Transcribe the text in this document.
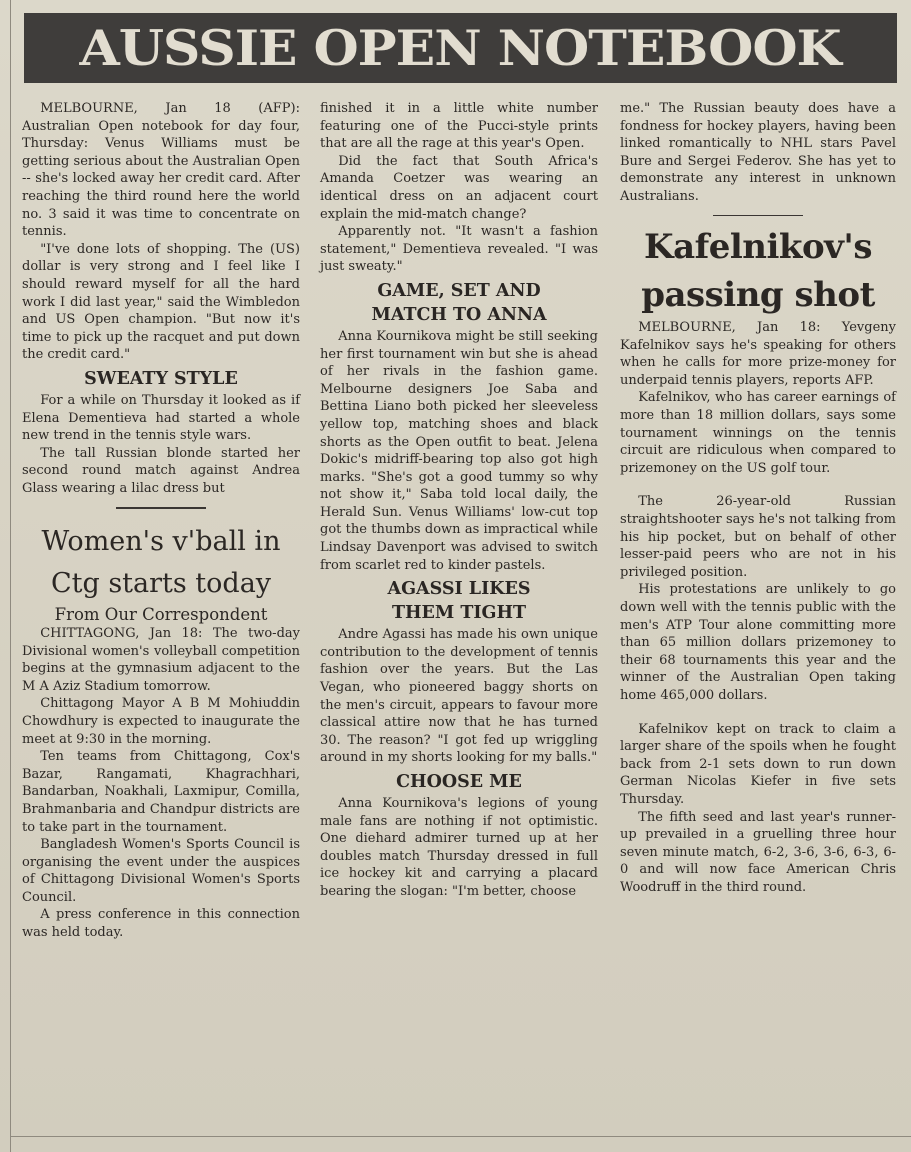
AUSSIE OPEN NOTEBOOK

MELBOURNE, Jan 18 (AFP): Australian Open notebook for day four, Thursday: Venus Williams must be getting serious about the Australian Open -- she's locked away her credit card. After reaching the third round here the world no. 3 said it was time to concentrate on tennis.

"I've done lots of shopping. The (US) dollar is very strong and I feel like I should reward myself for all the hard work I did last year," said the Wimbledon and US Open champion. "But now it's time to pick up the racquet and put down the credit card."

SWEATY STYLE

For a while on Thursday it looked as if Elena Dementieva had started a whole new trend in the tennis style wars.

The tall Russian blonde started her second round match against Andrea Glass wearing a lilac dress but

Women's v'ball in
Ctg starts today
From Our Correspondent

CHITTAGONG, Jan 18: The two-day Divisional women's volleyball competition begins at the gymnasium adjacent to the M A Aziz Stadium tomorrow.

Chittagong Mayor A B M Mohiuddin Chowdhury is expected to inaugurate the meet at 9:30 in the morning.

Ten teams from Chittagong, Cox's Bazar, Rangamati, Khagrachhari, Bandarban, Noakhali, Laxmipur, Comilla, Brahmanbaria and Chandpur districts are to take part in the tournament.

Bangladesh Women's Sports Council is organising the event under the auspices of Chittagong Divisional Women's Sports Council.

A press conference in this connection was held today.

finished it in a little white number featuring one of the Pucci-style prints that are all the rage at this year's Open.

Did the fact that South Africa's Amanda Coetzer was wearing an identical dress on an adjacent court explain the mid-match change?

Apparently not. "It wasn't a fashion statement," Dementieva revealed. "I was just sweaty."

GAME, SET AND
MATCH TO ANNA

Anna Kournikova might be still seeking her first tournament win but she is ahead of her rivals in the fashion game. Melbourne designers Joe Saba and Bettina Liano both picked her sleeveless yellow top, matching shoes and black shorts as the Open outfit to beat. Jelena Dokic's midriff-bearing top also got high marks. "She's got a good tummy so why not show it," Saba told local daily, the Herald Sun. Venus Williams' low-cut top got the thumbs down as impractical while Lindsay Davenport was advised to switch from scarlet red to kinder pastels.

AGASSI LIKES
THEM TIGHT

Andre Agassi has made his own unique contribution to the development of tennis fashion over the years. But the Las Vegan, who pioneered baggy shorts on the men's circuit, appears to favour more classical attire now that he has turned 30. The reason? "I got fed up wriggling around in my shorts looking for my balls."

CHOOSE ME

Anna Kournikova's legions of young male fans are nothing if not optimistic. One diehard admirer turned up at her doubles match Thursday dressed in full ice hockey kit and carrying a placard bearing the slogan: "I'm better, choose

me." The Russian beauty does have a fondness for hockey players, having been linked romantically to NHL stars Pavel Bure and Sergei Federov. She has yet to demonstrate any interest in unknown Australians.

Kafelnikov's
passing shot

MELBOURNE, Jan 18: Yevgeny Kafelnikov says he's speaking for others when he calls for more prize-money for underpaid tennis players, reports AFP.

Kafelnikov, who has career earnings of more than 18 million dollars, says some tournament winnings on the tennis circuit are ridiculous when compared to prizemoney on the US golf tour.

The 26-year-old Russian straightshooter says he's not talking from his hip pocket, but on behalf of other lesser-paid peers who are not in his privileged position.

His protestations are unlikely to go down well with the tennis public with the men's ATP Tour alone committing more than 65 million dollars prizemoney to their 68 tournaments this year and the winner of the Australian Open taking home 465,000 dollars.

Kafelnikov kept on track to claim a larger share of the spoils when he fought back from 2-1 sets down to run down German Nicolas Kiefer in five sets Thursday.

The fifth seed and last year's runner-up prevailed in a gruelling three hour seven minute match, 6-2, 3-6, 3-6, 6-3, 6-0 and will now face American Chris Woodruff in the third round.
